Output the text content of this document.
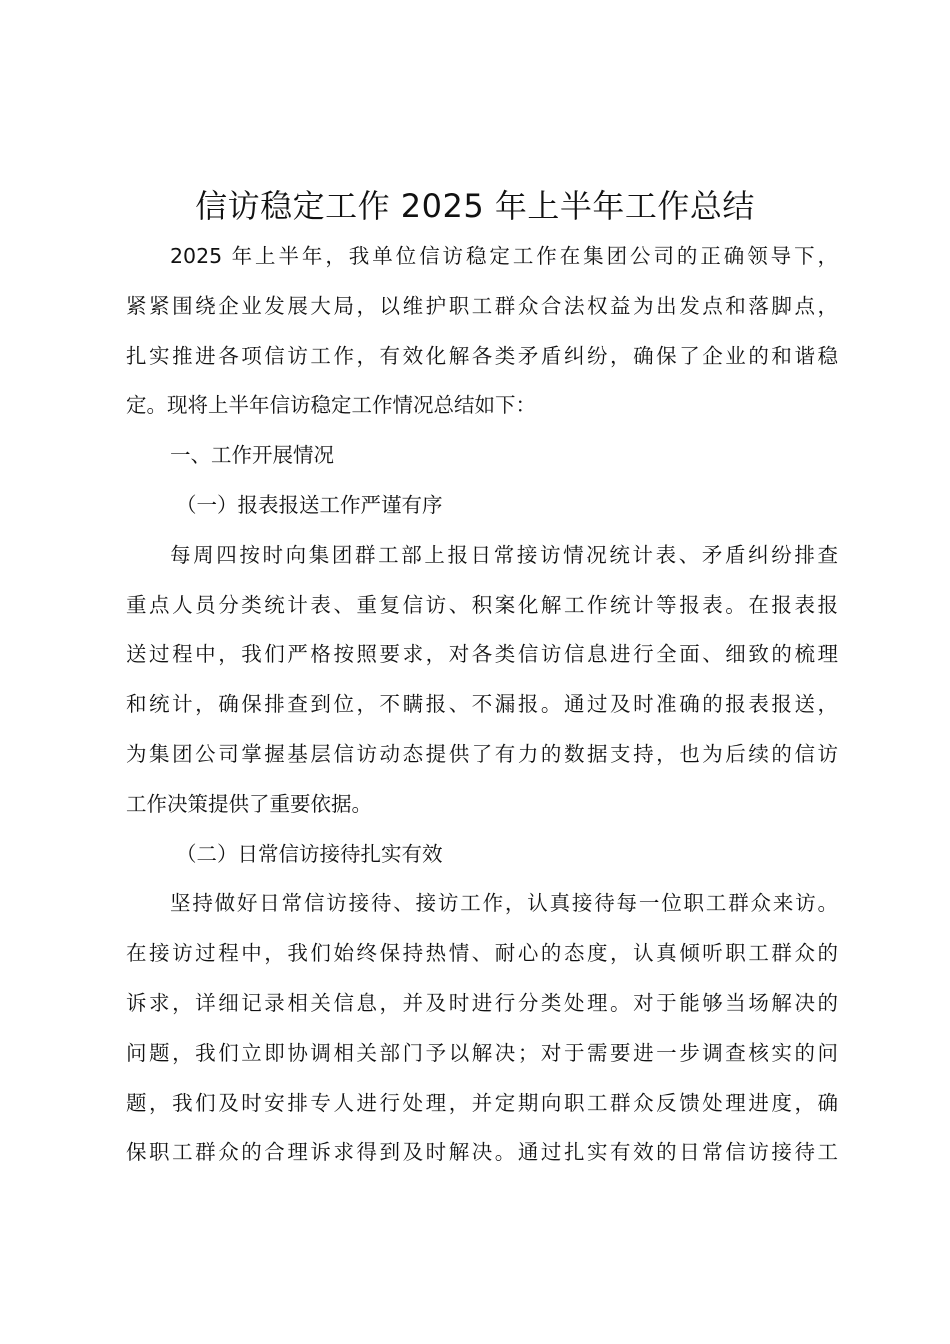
信访稳定工作 2025 年上半年工作总结
2025 年上半年，我单位信访稳定工作在集团公司的正确领导下，
紧紧围绕企业发展大局，以维护职工群众合法权益为出发点和落脚点，
扎实推进各项信访工作，有效化解各类矛盾纠纷，确保了企业的和谐稳
定。现将上半年信访稳定工作情况总结如下：
一、工作开展情况
（一）报表报送工作严谨有序
每周四按时向集团群工部上报日常接访情况统计表、矛盾纠纷排查
重点人员分类统计表、重复信访、积案化解工作统计等报表。在报表报
送过程中，我们严格按照要求，对各类信访信息进行全面、细致的梳理
和统计，确保排查到位，不瞒报、不漏报。通过及时准确的报表报送，
为集团公司掌握基层信访动态提供了有力的数据支持，也为后续的信访
工作决策提供了重要依据。
（二）日常信访接待扎实有效
坚持做好日常信访接待、接访工作，认真接待每一位职工群众来访。
在接访过程中，我们始终保持热情、耐心的态度，认真倾听职工群众的
诉求，详细记录相关信息，并及时进行分类处理。对于能够当场解决的
问题，我们立即协调相关部门予以解决；对于需要进一步调查核实的问
题，我们及时安排专人进行处理，并定期向职工群众反馈处理进度，确
保职工群众的合理诉求得到及时解决。通过扎实有效的日常信访接待工
